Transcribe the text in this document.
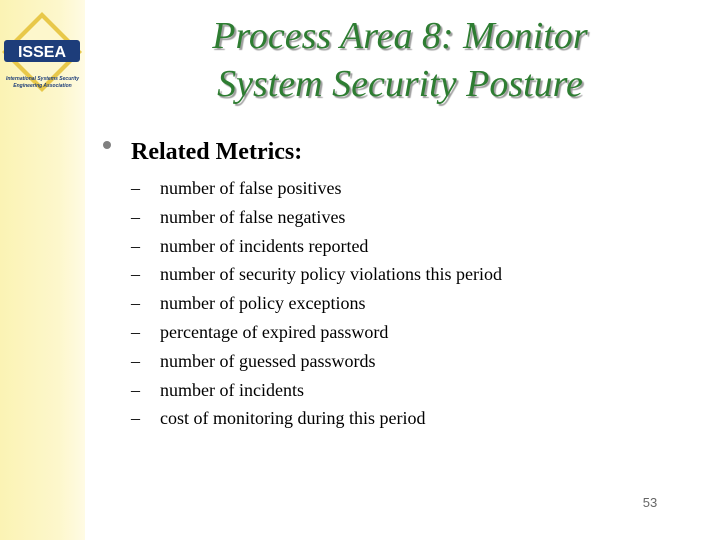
ISSEA
International Systems Security
Engineering Association
Process Area 8: Monitor
System Security Posture
Related Metrics:
– number of false positives
– number of false negatives
– number of incidents reported
– number of security policy violations this period
– number of policy exceptions
– percentage of expired password
– number of guessed passwords
– number of incidents
– cost of monitoring during this period
53
